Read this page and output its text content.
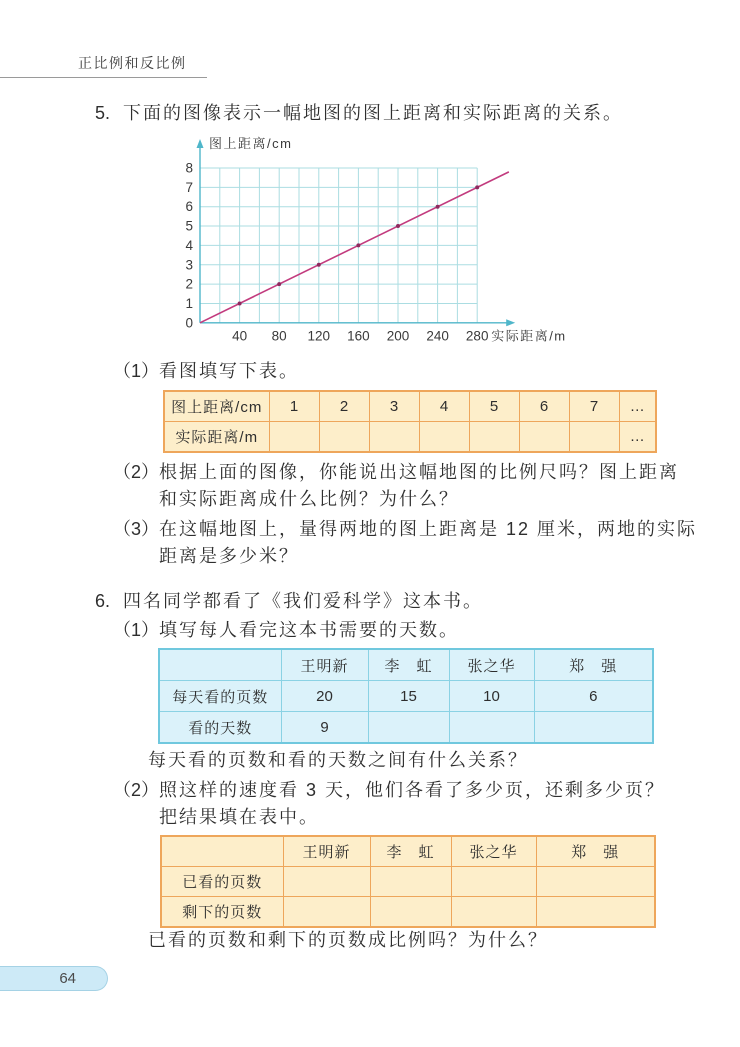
正比例和反比例
5. 下面的图像表示一幅地图的图上距离和实际距离的关系。
图上距离/cm
实际距离/m
0
1
2
3
4
5
6
7
8
40 80 120 160 200 240 280
（1） 看图填写下表。
图上距离/cm	1	2	3	4	5	6	7	…
实际距离/m								…
（2） 根据上面的图像，你能说出这幅地图的比例尺吗？图上距离
和实际距离成什么比例？为什么？
（3） 在这幅地图上，量得两地的图上距离是 12 厘米，两地的实际
距离是多少米？
6. 四名同学都看了《我们爱科学》这本书。
（1） 填写每人看完这本书需要的天数。
	王明新	李　虹	张之华	郑　强
每天看的页数	20	15	10	6
看的天数	9			
每天看的页数和看的天数之间有什么关系？
（2） 照这样的速度看 3 天，他们各看了多少页，还剩多少页？
把结果填在表中。
	王明新	李　虹	张之华	郑　强
已看的页数				
剩下的页数				
已看的页数和剩下的页数成比例吗？为什么？
64
